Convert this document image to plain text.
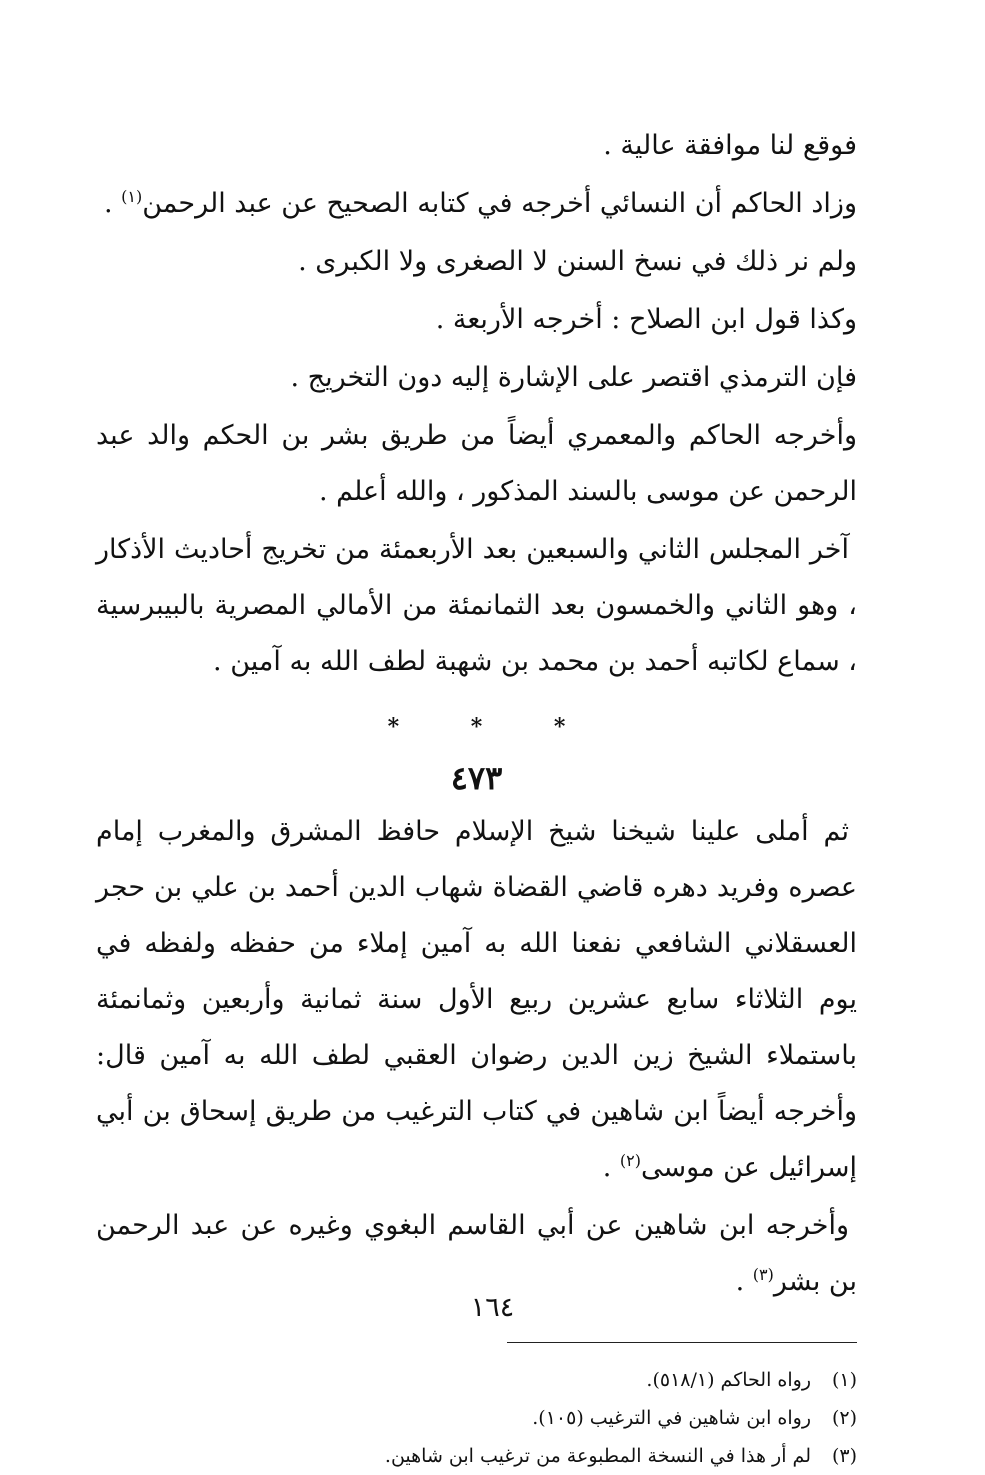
فوقع لنا موافقة عالية .

وزاد الحاكم أن النسائي أخرجه في كتابه الصحيح عن عبد الرحمن$^{(١)}$ .

ولم نر ذلك في نسخ السنن لا الصغرى ولا الكبرى .

وكذا قول ابن الصلاح : أخرجه الأربعة .

فإن الترمذي اقتصر على الإشارة إليه دون التخريج .

وأخرجه الحاكم والمعمري أيضاً من طريق بشر بن الحكم والد عبد الرحمن عن موسى بالسند المذكور ، والله أعلم .

آخر المجلس الثاني والسبعين بعد الأربعمئة من تخريج أحاديث الأذكار ، وهو الثاني والخمسون بعد الثمانمئة من الأمالي المصرية بالبيبرسية ، سماع لكاتبه أحمد بن محمد بن شهبة لطف الله به آمين .

* * *
٤٧٣

ثم أملى علينا شيخنا شيخ الإسلام حافظ المشرق والمغرب إمام عصره وفريد دهره قاضي القضاة شهاب الدين أحمد بن علي بن حجر العسقلاني الشافعي نفعنا الله به آمين إملاء من حفظه ولفظه في يوم الثلاثاء سابع عشرين ربيع الأول سنة ثمانية وأربعين وثمانمئة باستملاء الشيخ زين الدين رضوان العقبي لطف الله به آمين قال: وأخرجه أيضاً ابن شاهين في كتاب الترغيب من طريق إسحاق بن أبي إسرائيل عن موسى$^{(٢)}$ .

وأخرجه ابن شاهين عن أبي القاسم البغوي وغيره عن عبد الرحمن بن بشر$^{(٣)}$ .

(١)
رواه الحاكم (٥١٨/١).
(٢)
رواه ابن شاهين في الترغيب (١٠٥).
(٣)
لم أر هذا في النسخة المطبوعة من ترغيب ابن شاهين.
١٦٤
